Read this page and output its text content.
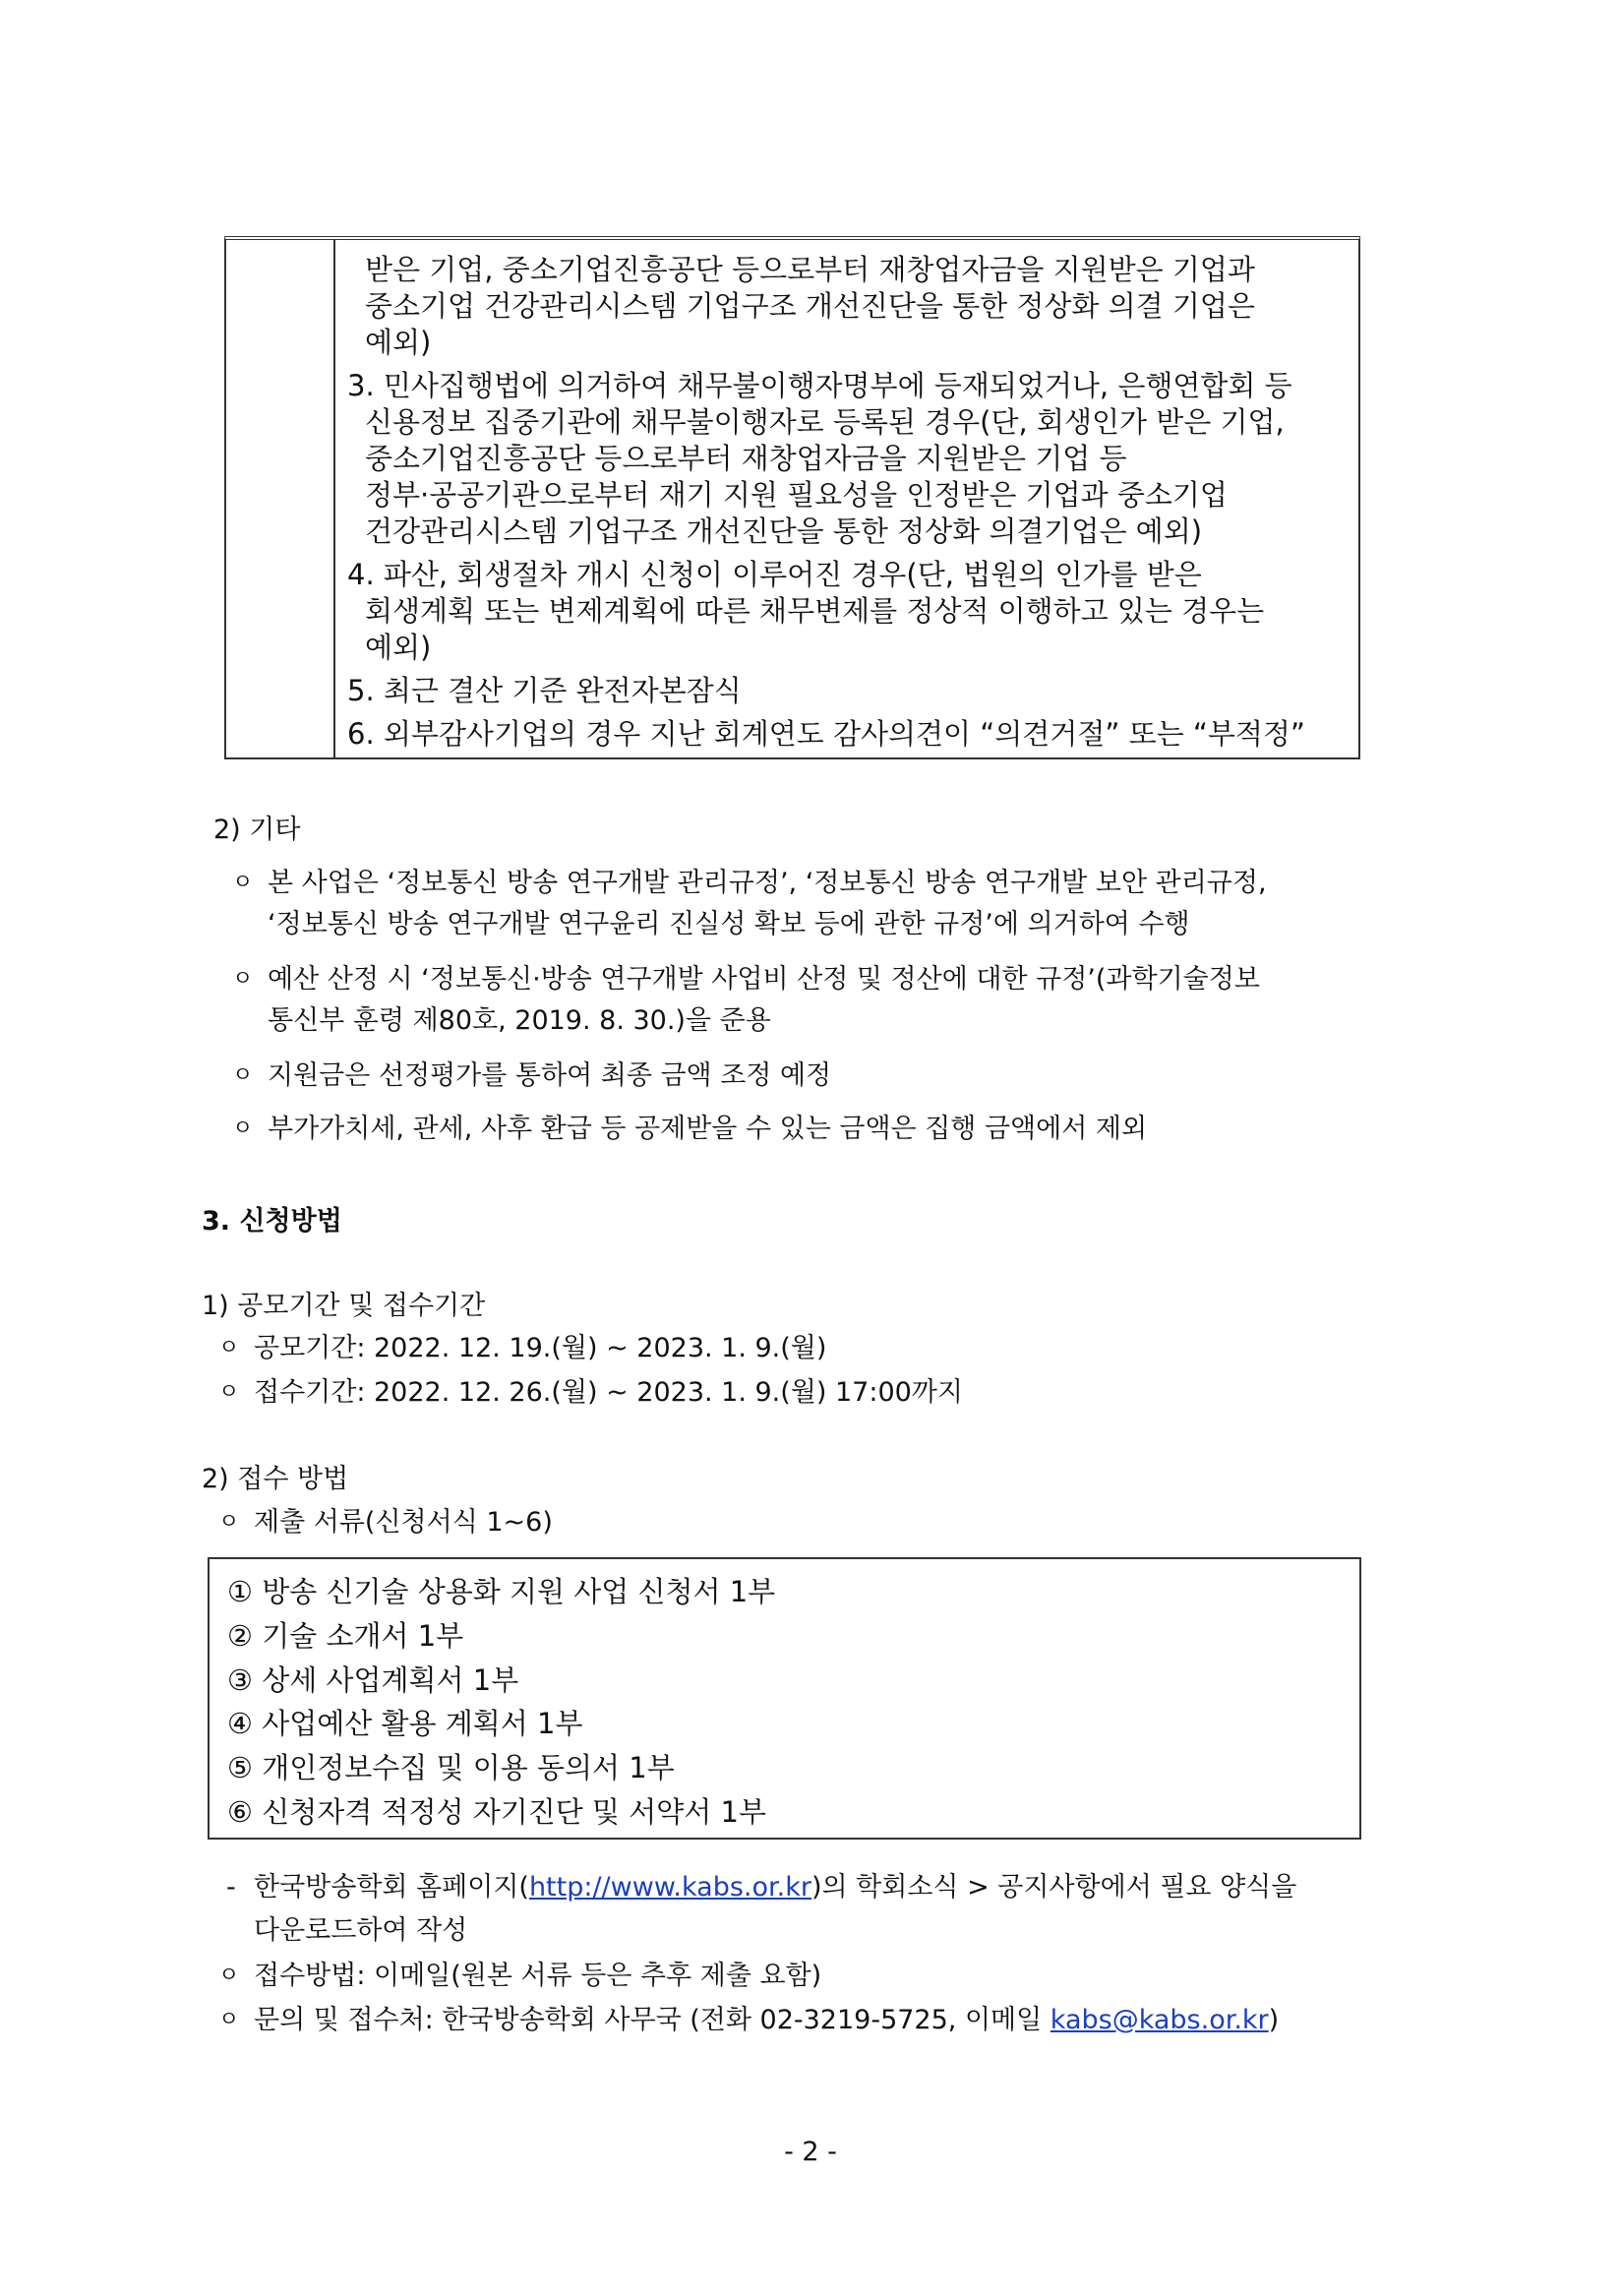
받은 기업, 중소기업진흥공단 등으로부터 재창업자금을 지원받은 기업과
중소기업 건강관리시스템 기업구조 개선진단을 통한 정상화 의결 기업은
예외)
3. 민사집행법에 의거하여 채무불이행자명부에 등재되었거나, 은행연합회 등
신용정보 집중기관에 채무불이행자로 등록된 경우(단, 회생인가 받은 기업,
중소기업진흥공단 등으로부터 재창업자금을 지원받은 기업 등
정부·공공기관으로부터 재기 지원 필요성을 인정받은 기업과 중소기업
건강관리시스템 기업구조 개선진단을 통한 정상화 의결기업은 예외)
4. 파산, 회생절차 개시 신청이 이루어진 경우(단, 법원의 인가를 받은
회생계획 또는 변제계획에 따른 채무변제를 정상적 이행하고 있는 경우는
예외)
5. 최근 결산 기준 완전자본잠식
6. 외부감사기업의 경우 지난 회계연도 감사의견이 “의견거절” 또는 “부적정”
2) 기타
ㅇ 본 사업은 ‘정보통신 방송 연구개발 관리규정’, ‘정보통신 방송 연구개발 보안 관리규정,
‘정보통신 방송 연구개발 연구윤리 진실성 확보 등에 관한 규정’에 의거하여 수행
ㅇ 예산 산정 시 ‘정보통신·방송 연구개발 사업비 산정 및 정산에 대한 규정’(과학기술정보
통신부 훈령 제80호, 2019. 8. 30.)을 준용
ㅇ 지원금은 선정평가를 통하여 최종 금액 조정 예정
ㅇ 부가가치세, 관세, 사후 환급 등 공제받을 수 있는 금액은 집행 금액에서 제외
3. 신청방법
1) 공모기간 및 접수기간
ㅇ 공모기간: 2022. 12. 19.(월) ~ 2023. 1. 9.(월)
ㅇ 접수기간: 2022. 12. 26.(월) ~ 2023. 1. 9.(월) 17:00까지
2) 접수 방법
ㅇ 제출 서류(신청서식 1~6)
① 방송 신기술 상용화 지원 사업 신청서 1부
② 기술 소개서 1부
③ 상세 사업계획서 1부
④ 사업예산 활용 계획서 1부
⑤ 개인정보수집 및 이용 동의서 1부
⑥ 신청자격 적정성 자기진단 및 서약서 1부
- 한국방송학회 홈페이지(http://www.kabs.or.kr)의 학회소식 > 공지사항에서 필요 양식을
다운로드하여 작성
ㅇ 접수방법: 이메일(원본 서류 등은 추후 제출 요함)
ㅇ 문의 및 접수처: 한국방송학회 사무국 (전화 02-3219-5725, 이메일 kabs@kabs.or.kr)
- 2 -
